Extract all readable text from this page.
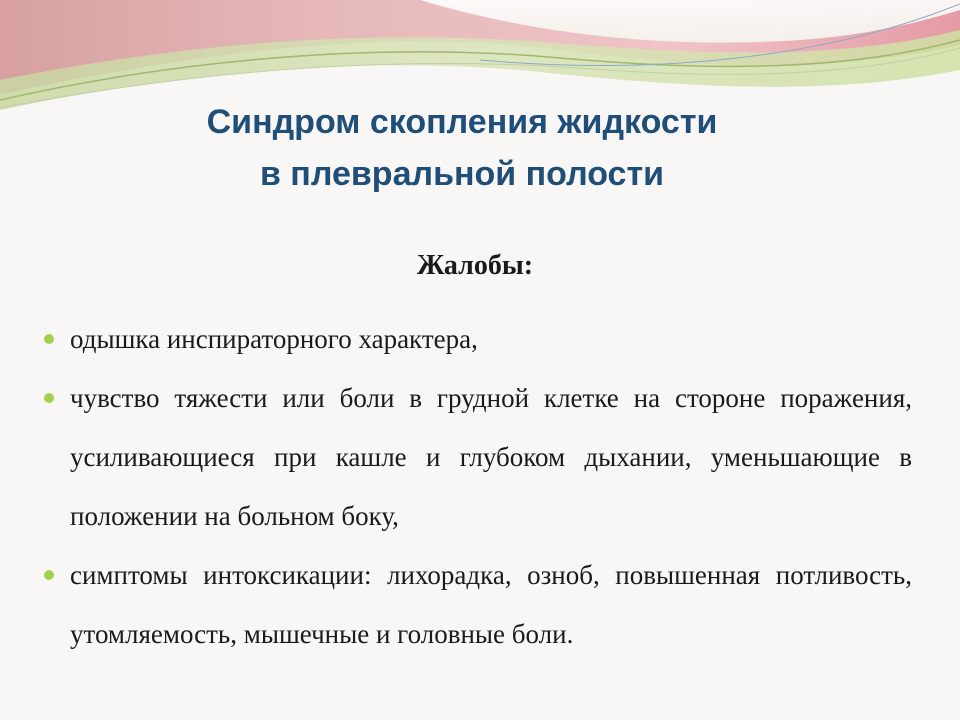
Синдром скопления жидкости
в плевральной полости
Жалобы:
одышка инспираторного характера,
чувство тяжести или боли в грудной клетке на стороне поражения, усиливающиеся при кашле и глубоком дыхании, уменьшающие в положении на больном боку,
симптомы интоксикации: лихорадка, озноб, повышенная потливость, утомляемость, мышечные и головные боли.
